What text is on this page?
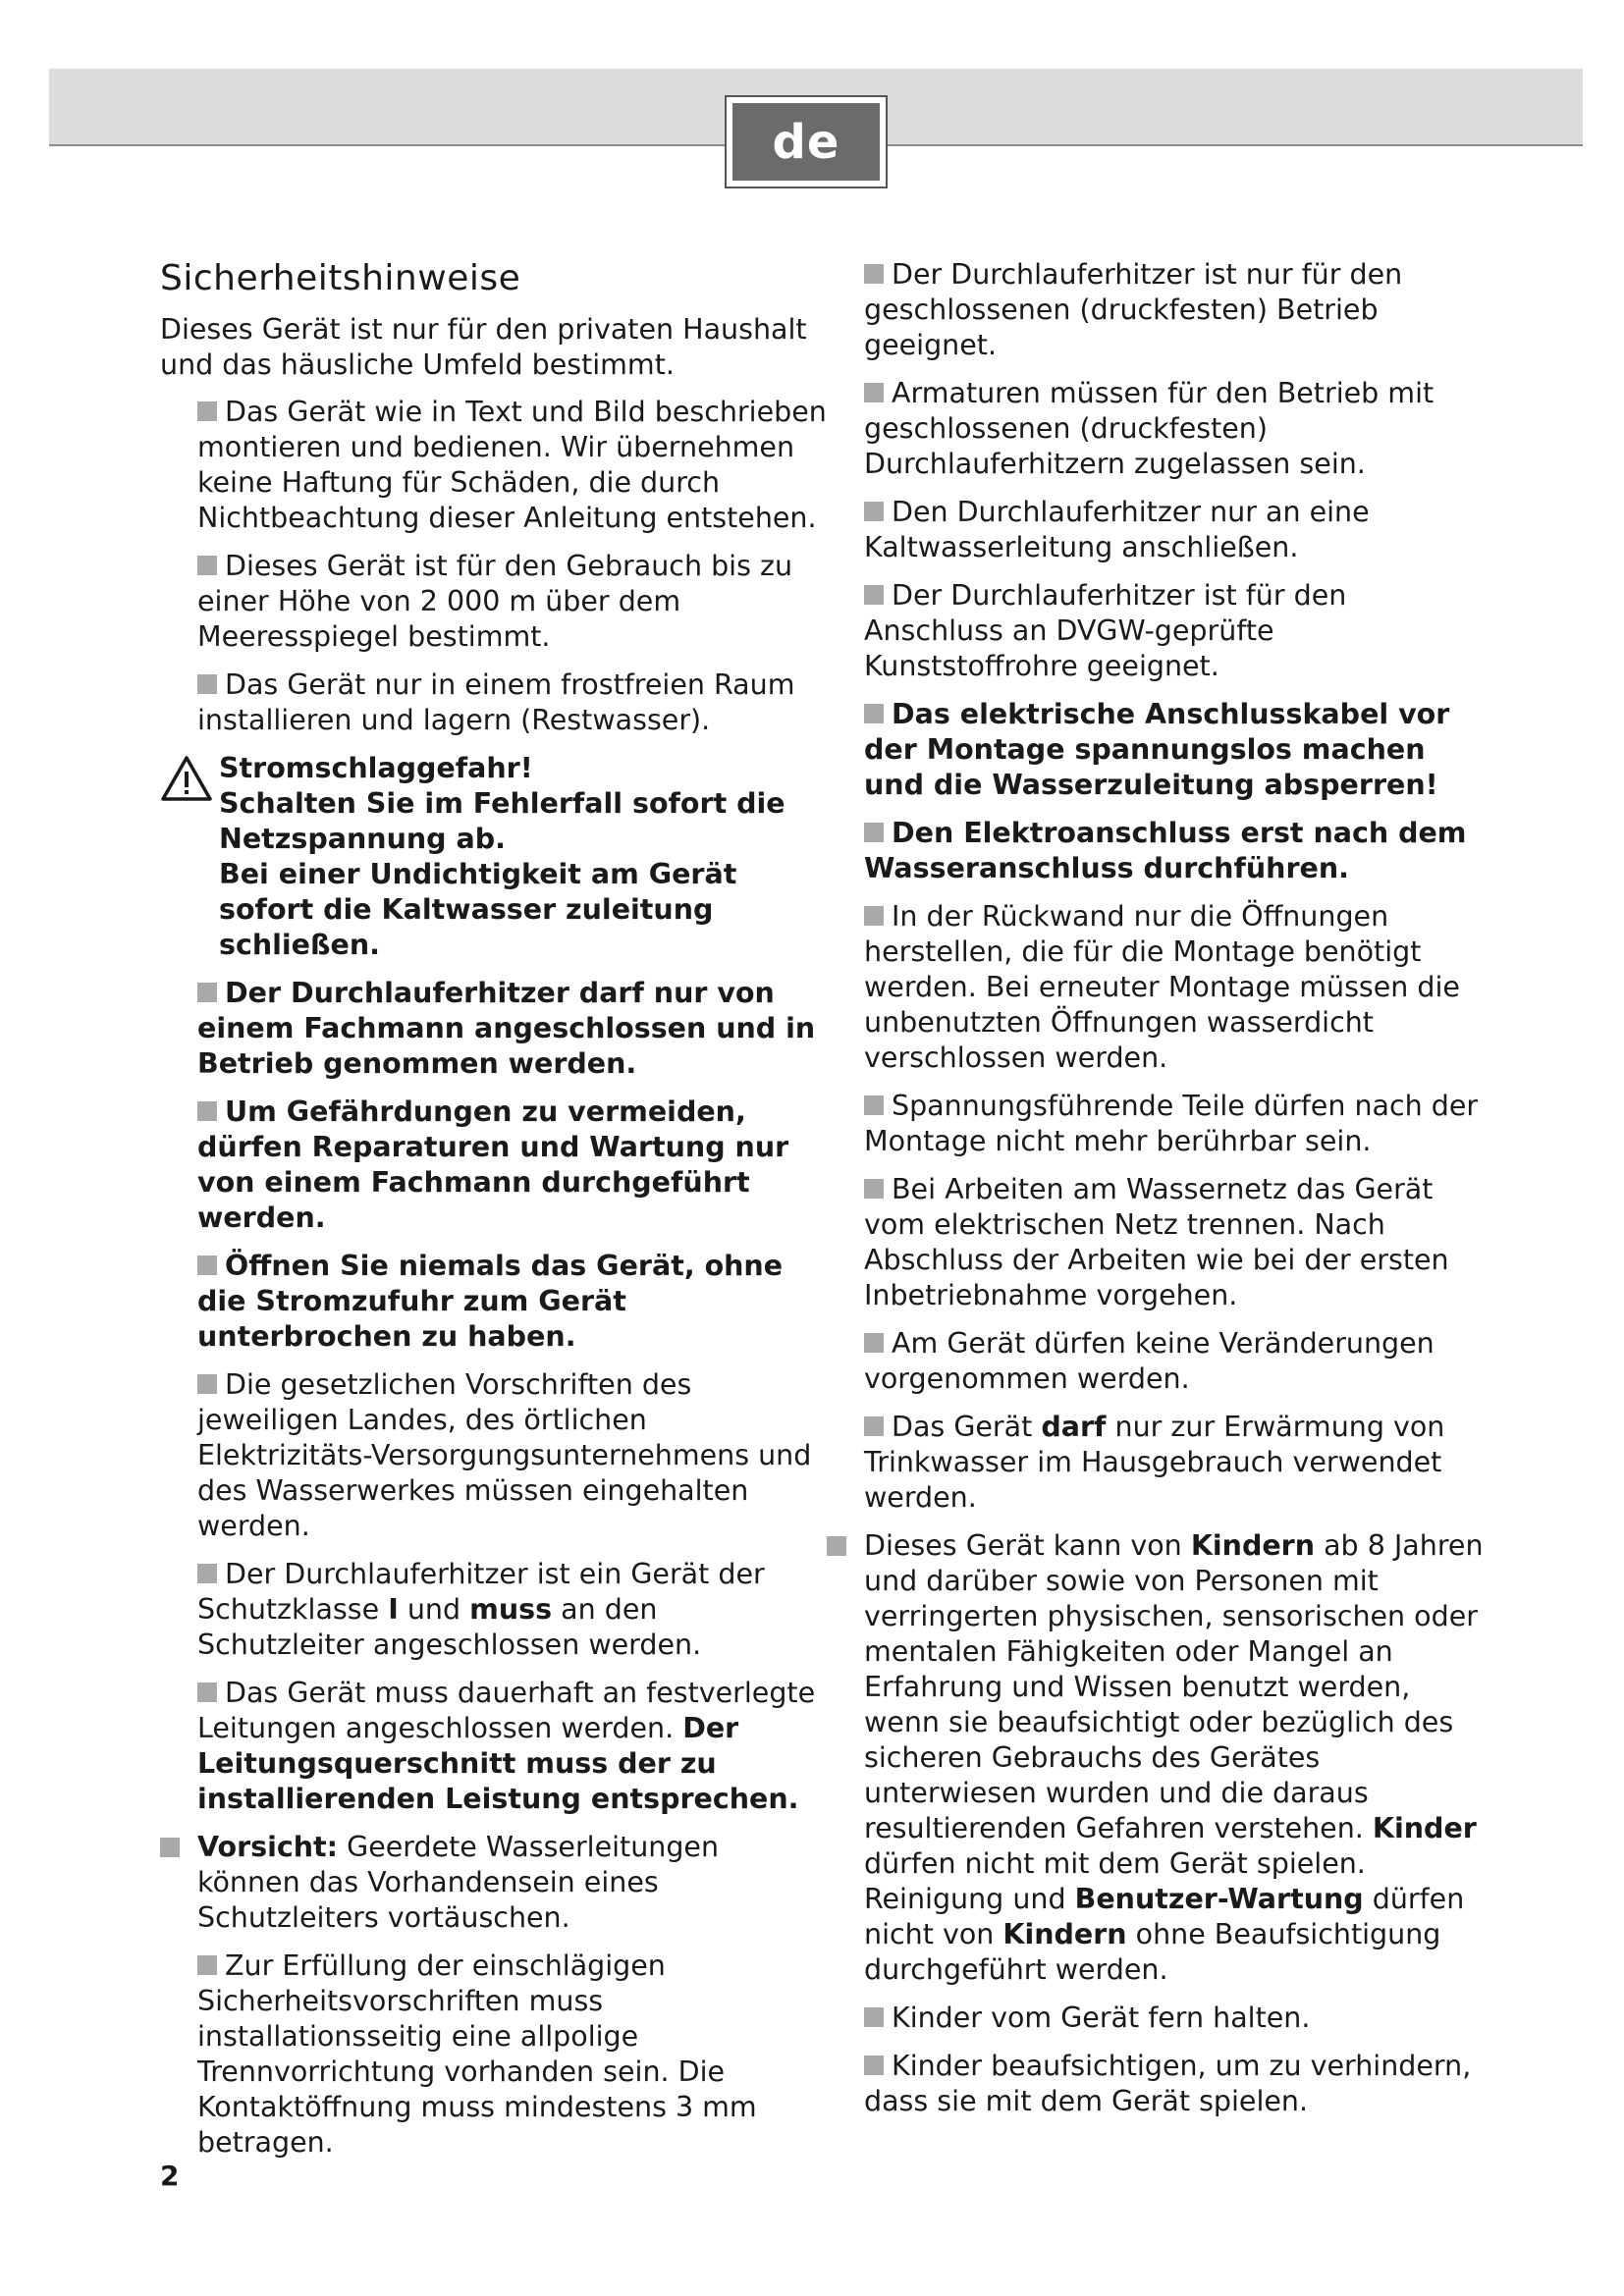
de
Sicherheitshinweise
Dieses Gerät ist nur für den privaten Haushalt und das häusliche Umfeld bestimmt.
Das Gerät wie in Text und Bild beschrieben montieren und bedienen. Wir übernehmen keine Haftung für Schäden, die durch Nichtbeachtung dieser Anleitung entstehen.
Dieses Gerät ist für den Gebrauch bis zu einer Höhe von 2 000 m über dem Meeresspiegel bestimmt.
Das Gerät nur in einem frostfreien Raum installieren und lagern (Restwasser).
Stromschlaggefahr!
Schalten Sie im Fehlerfall sofort die Netzspannung ab.
Bei einer Undichtigkeit am Gerät sofort die Kaltwasser zuleitung schließen.
Der Durchlauferhitzer darf nur von einem Fachmann angeschlossen und in Betrieb genommen werden.
Um Gefährdungen zu vermeiden, dürfen Reparaturen und Wartung nur von einem Fachmann durchgeführt werden.
Öffnen Sie niemals das Gerät, ohne die Stromzufuhr zum Gerät unterbrochen zu haben.
Die gesetzlichen Vorschriften des jeweiligen Landes, des örtlichen Elektrizitäts-Versorgungsunternehmens und des Wasserwerkes müssen eingehalten werden.
Der Durchlauferhitzer ist ein Gerät der Schutzklasse I und muss an den Schutzleiter angeschlossen werden.
Das Gerät muss dauerhaft an festverlegte Leitungen angeschlossen werden. Der Leitungsquerschnitt muss der zu installierenden Leistung entsprechen.
Vorsicht: Geerdete Wasserleitungen können das Vorhandensein eines Schutzleiters vortäuschen.
Zur Erfüllung der einschlägigen Sicherheitsvorschriften muss installationsseitig eine allpolige Trennvorrichtung vorhanden sein. Die Kontaktöffnung muss mindestens 3 mm betragen.
Der Durchlauferhitzer ist nur für den geschlossenen (druckfesten) Betrieb geeignet.
Armaturen müssen für den Betrieb mit geschlossenen (druckfesten) Durchlauferhitzern zugelassen sein.
Den Durchlauferhitzer nur an eine Kaltwasserleitung anschließen.
Der Durchlauferhitzer ist für den Anschluss an DVGW-geprüfte Kunststoffrohre geeignet.
Das elektrische Anschlusskabel vor der Montage spannungslos machen und die Wasserzuleitung absperren!
Den Elektroanschluss erst nach dem Wasseranschluss durchführen.
In der Rückwand nur die Öffnungen herstellen, die für die Montage benötigt werden. Bei erneuter Montage müssen die unbenutzten Öffnungen wasserdicht verschlossen werden.
Spannungsführende Teile dürfen nach der Montage nicht mehr berührbar sein.
Bei Arbeiten am Wassernetz das Gerät vom elektrischen Netz trennen. Nach Abschluss der Arbeiten wie bei der ersten Inbetriebnahme vorgehen.
Am Gerät dürfen keine Veränderungen vorgenommen werden.
Das Gerät darf nur zur Erwärmung von Trinkwasser im Hausgebrauch verwendet werden.
Dieses Gerät kann von Kindern ab 8 Jahren und darüber sowie von Personen mit verringerten physischen, sensorischen oder mentalen Fähigkeiten oder Mangel an Erfahrung und Wissen benutzt werden, wenn sie beaufsichtigt oder bezüglich des sicheren Gebrauchs des Gerätes unterwiesen wurden und die daraus resultierenden Gefahren verstehen. Kinder dürfen nicht mit dem Gerät spielen. Reinigung und Benutzer-Wartung dürfen nicht von Kindern ohne Beaufsichtigung durchgeführt werden.
Kinder vom Gerät fern halten.
Kinder beaufsichtigen, um zu verhindern, dass sie mit dem Gerät spielen.
2
